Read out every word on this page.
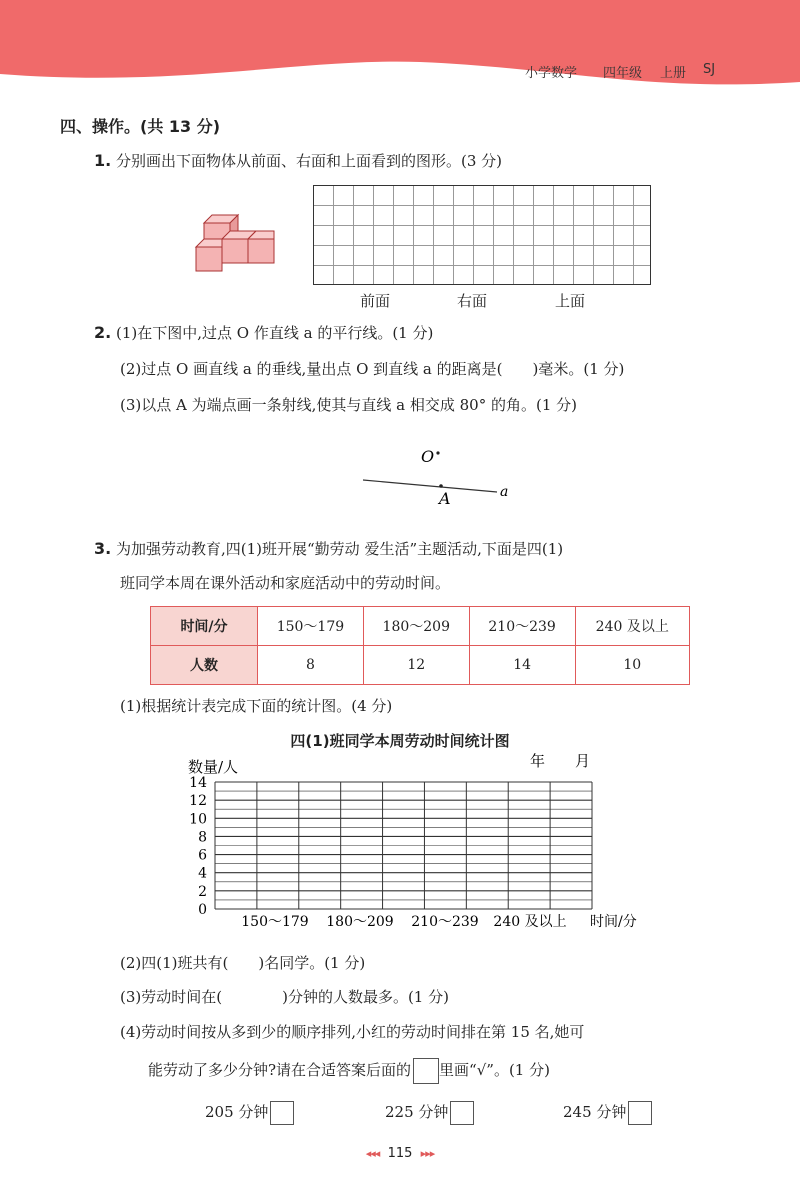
小学数学 四年级 上册 SJ
四、操作。(共 13 分)
1. 分别画出下面物体从前面、右面和上面看到的图形。(3 分)
前面	右面	上面
2. (1)在下图中,过点 O 作直线 a 的平行线。(1 分)
(2)过点 O 画直线 a 的垂线,量出点 O 到直线 a 的距离是(　　)毫米。(1 分)
(3)以点 A 为端点画一条射线,使其与直线 a 相交成 80° 的角。(1 分)
O
A	a
3. 为加强劳动教育,四(1)班开展“勤劳动 爱生活”主题活动,下面是四(1)
班同学本周在课外活动和家庭活动中的劳动时间。
时间/分	150～179	180～209	210～239	240 及以上
人数	8	12	14	10
(1)根据统计表完成下面的统计图。(4 分)
四(1)班同学本周劳动时间统计图
数量/人	年　　月
0
2
4
6
8
10
12
14
150～179 180～209 210～239 240 及以上 时间/分
(2)四(1)班共有(　　)名同学。(1 分)
(3)劳动时间在(　　　　)分钟的人数最多。(1 分)
(4)劳动时间按从多到少的顺序排列,小红的劳动时间排在第 15 名,她可
能劳动了多少分钟?请在合适答案后面的 里画“√”。(1 分)
205 分钟	225 分钟	245 分钟
◂◂◂ 115 ▸▸▸
